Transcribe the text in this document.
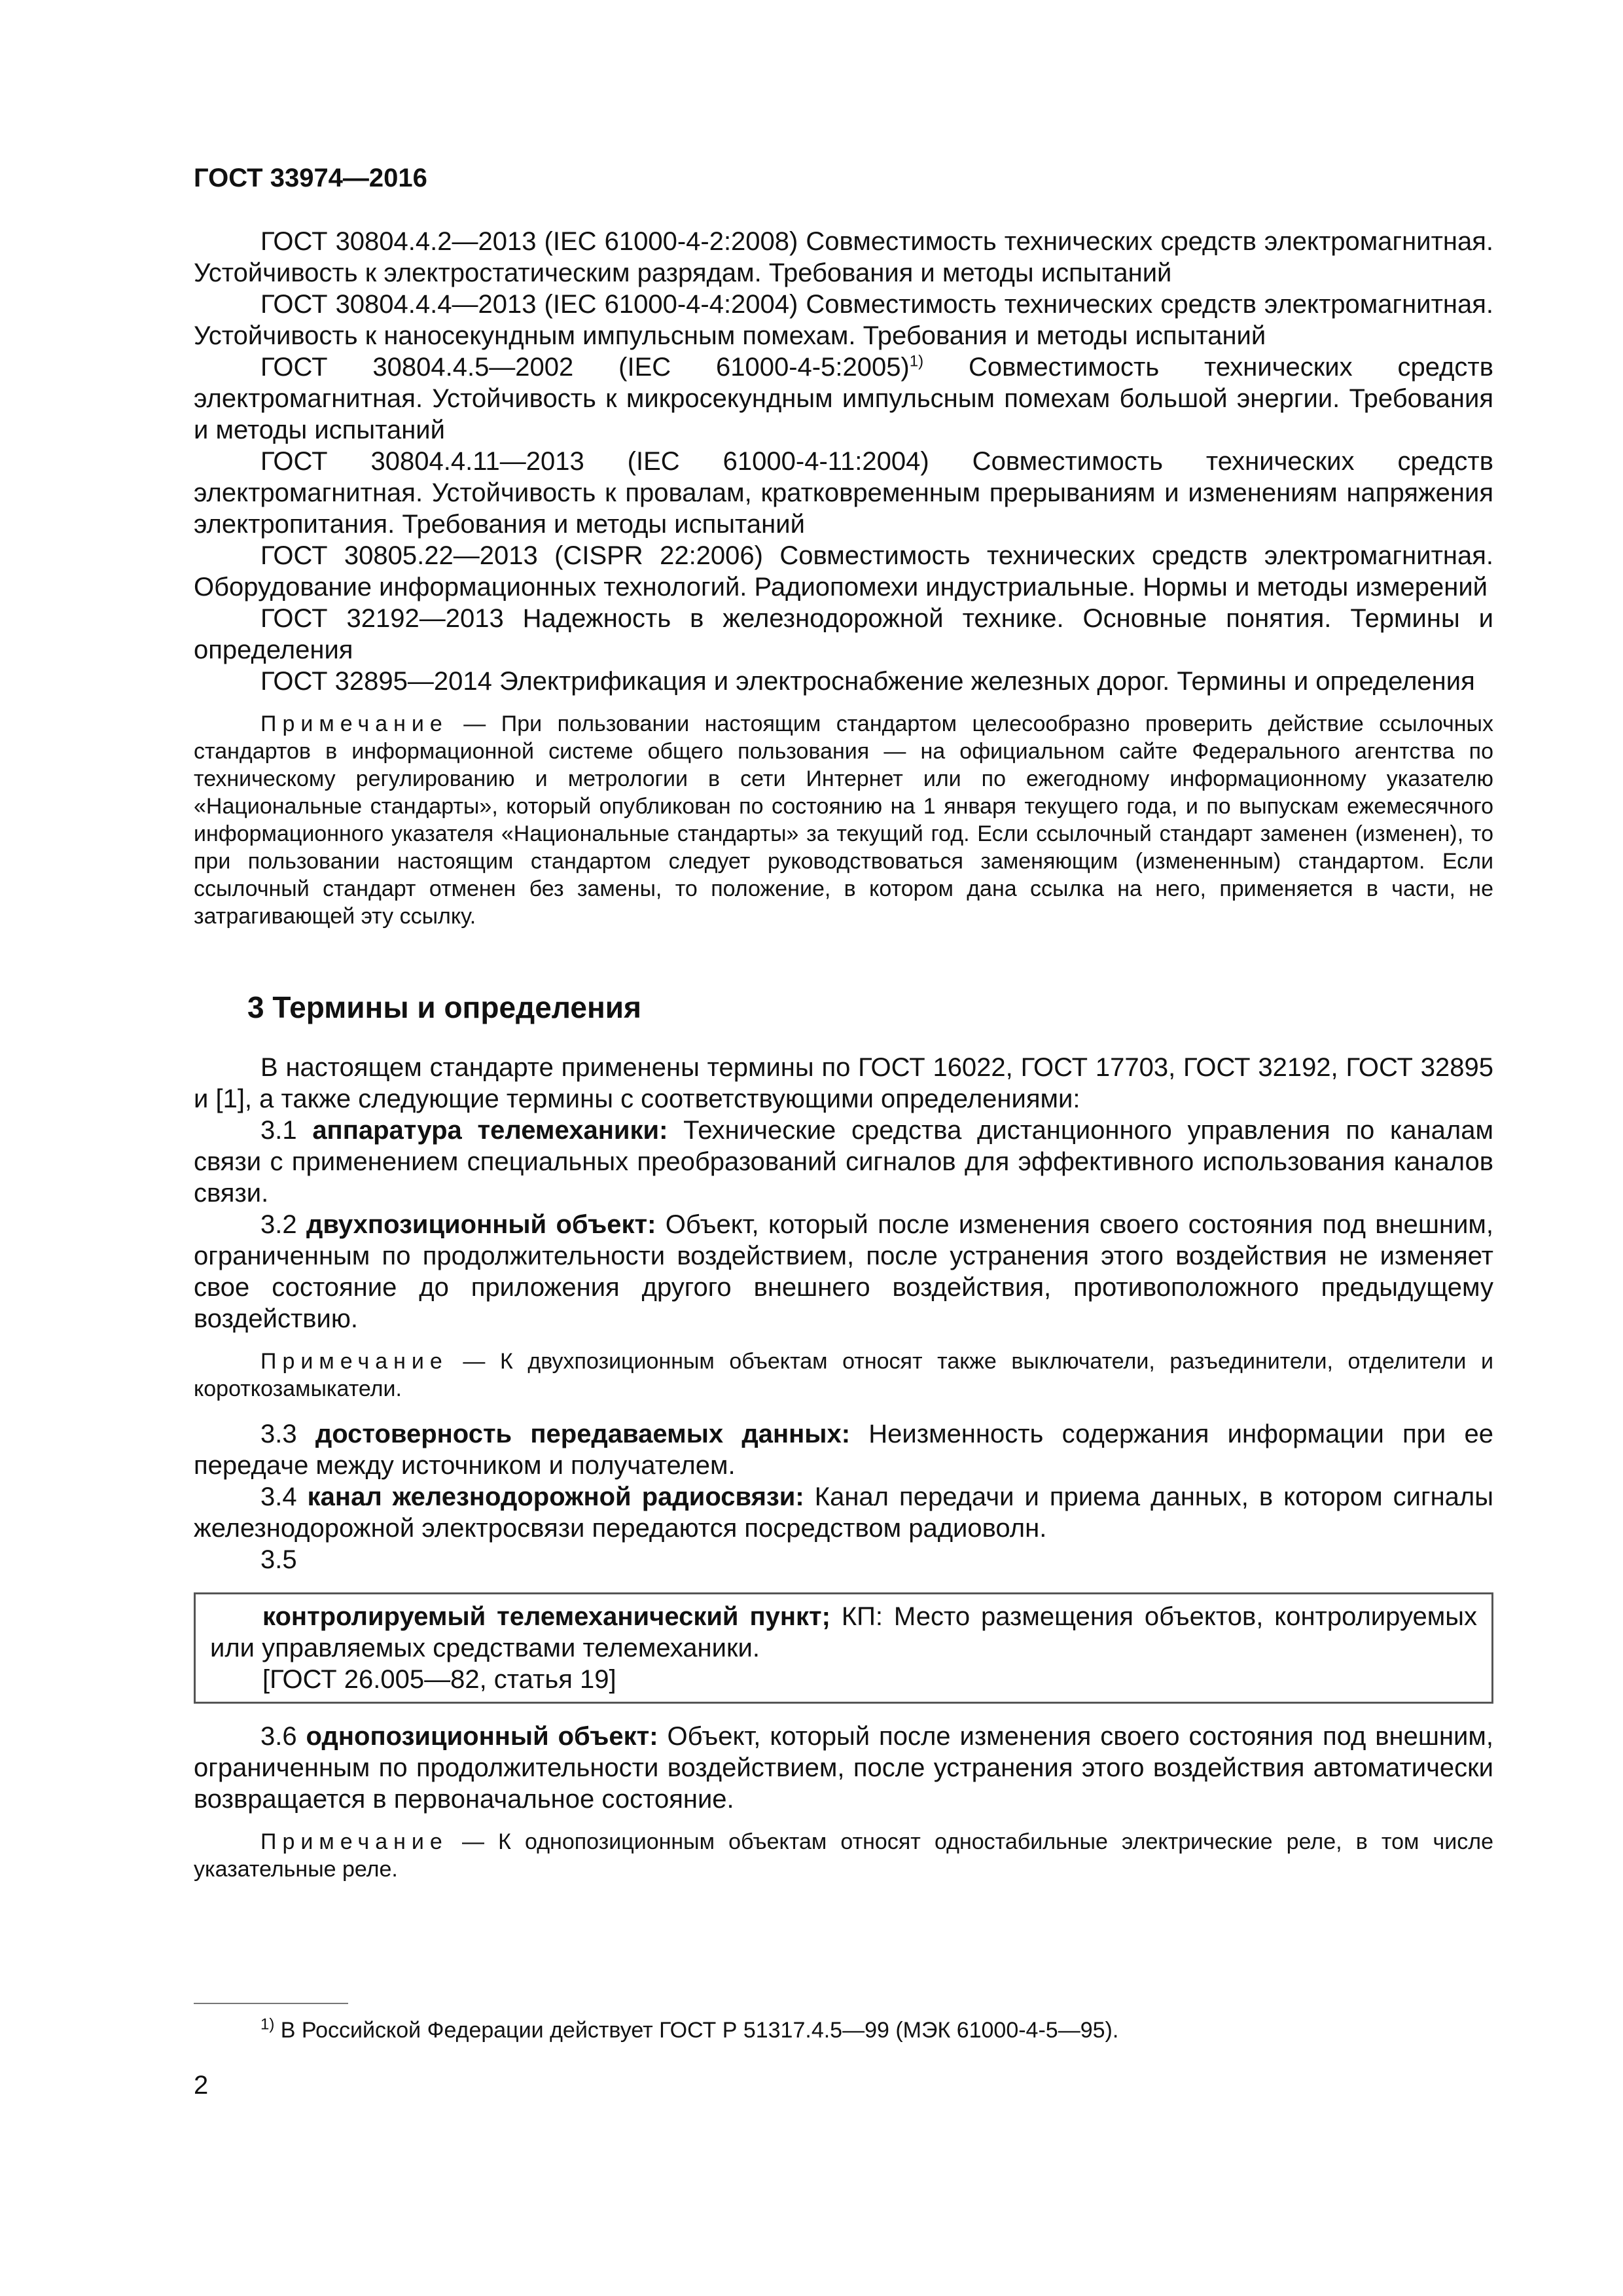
ГОСТ 33974—2016

ГОСТ 30804.4.2—2013 (IEC 61000-4-2:2008) Совместимость технических средств электромагнитная. Устойчивость к электростатическим разрядам. Требования и методы испытаний

ГОСТ 30804.4.4—2013 (IEC 61000-4-4:2004) Совместимость технических средств электромагнитная. Устойчивость к наносекундным импульсным помехам. Требования и методы испытаний

ГОСТ 30804.4.5—2002 (IEC 61000-4-5:2005)$^{1)}$ Совместимость технических средств электромагнитная. Устойчивость к микросекундным импульсным помехам большой энергии. Требования и методы испытаний

ГОСТ 30804.4.11—2013 (IEC 61000-4-11:2004) Совместимость технических средств электромагнитная. Устойчивость к провалам, кратковременным прерываниям и изменениям напряжения электропитания. Требования и методы испытаний

ГОСТ 30805.22—2013 (CISPR 22:2006) Совместимость технических средств электромагнитная. Оборудование информационных технологий. Радиопомехи индустриальные. Нормы и методы измерений

ГОСТ 32192—2013 Надежность в железнодорожной технике. Основные понятия. Термины и определения

ГОСТ 32895—2014 Электрификация и электроснабжение железных дорог. Термины и определения

Примечание — При пользовании настоящим стандартом целесообразно проверить действие ссылочных стандартов в информационной системе общего пользования — на официальном сайте Федерального агентства по техническому регулированию и метрологии в сети Интернет или по ежегодному информационному указателю «Национальные стандарты», который опубликован по состоянию на 1 января текущего года, и по выпускам ежемесячного информационного указателя «Национальные стандарты» за текущий год. Если ссылочный стандарт заменен (изменен), то при пользовании настоящим стандартом следует руководствоваться заменяющим (измененным) стандартом. Если ссылочный стандарт отменен без замены, то положение, в котором дана ссылка на него, применяется в части, не затрагивающей эту ссылку.

3 Термины и определения

В настоящем стандарте применены термины по ГОСТ 16022, ГОСТ 17703, ГОСТ 32192, ГОСТ 32895 и [1], а также следующие термины с соответствующими определениями:

3.1 аппаратура телемеханики: Технические средства дистанционного управления по каналам связи с применением специальных преобразований сигналов для эффективного использования каналов связи.

3.2 двухпозиционный объект: Объект, который после изменения своего состояния под внешним, ограниченным по продолжительности воздействием, после устранения этого воздействия не изменяет свое состояние до приложения другого внешнего воздействия, противоположного предыдущему воздействию.

Примечание — К двухпозиционным объектам относят также выключатели, разъединители, отделители и короткозамыкатели.

3.3 достоверность передаваемых данных: Неизменность содержания информации при ее передаче между источником и получателем.

3.4 канал железнодорожной радиосвязи: Канал передачи и приема данных, в котором сигналы железнодорожной электросвязи передаются посредством радиоволн.

3.5

контролируемый телемеханический пункт; КП: Место размещения объектов, контролируемых или управляемых средствами телемеханики.

[ГОСТ 26.005—82, статья 19]

3.6 однопозиционный объект: Объект, который после изменения своего состояния под внешним, ограниченным по продолжительности воздействием, после устранения этого воздействия автоматически возвращается в первоначальное состояние.

Примечание — К однопозиционным объектам относят одностабильные электрические реле, в том числе указательные реле.

$^{1)}$ В Российской Федерации действует ГОСТ Р 51317.4.5—99 (МЭК 61000-4-5—95).
2
